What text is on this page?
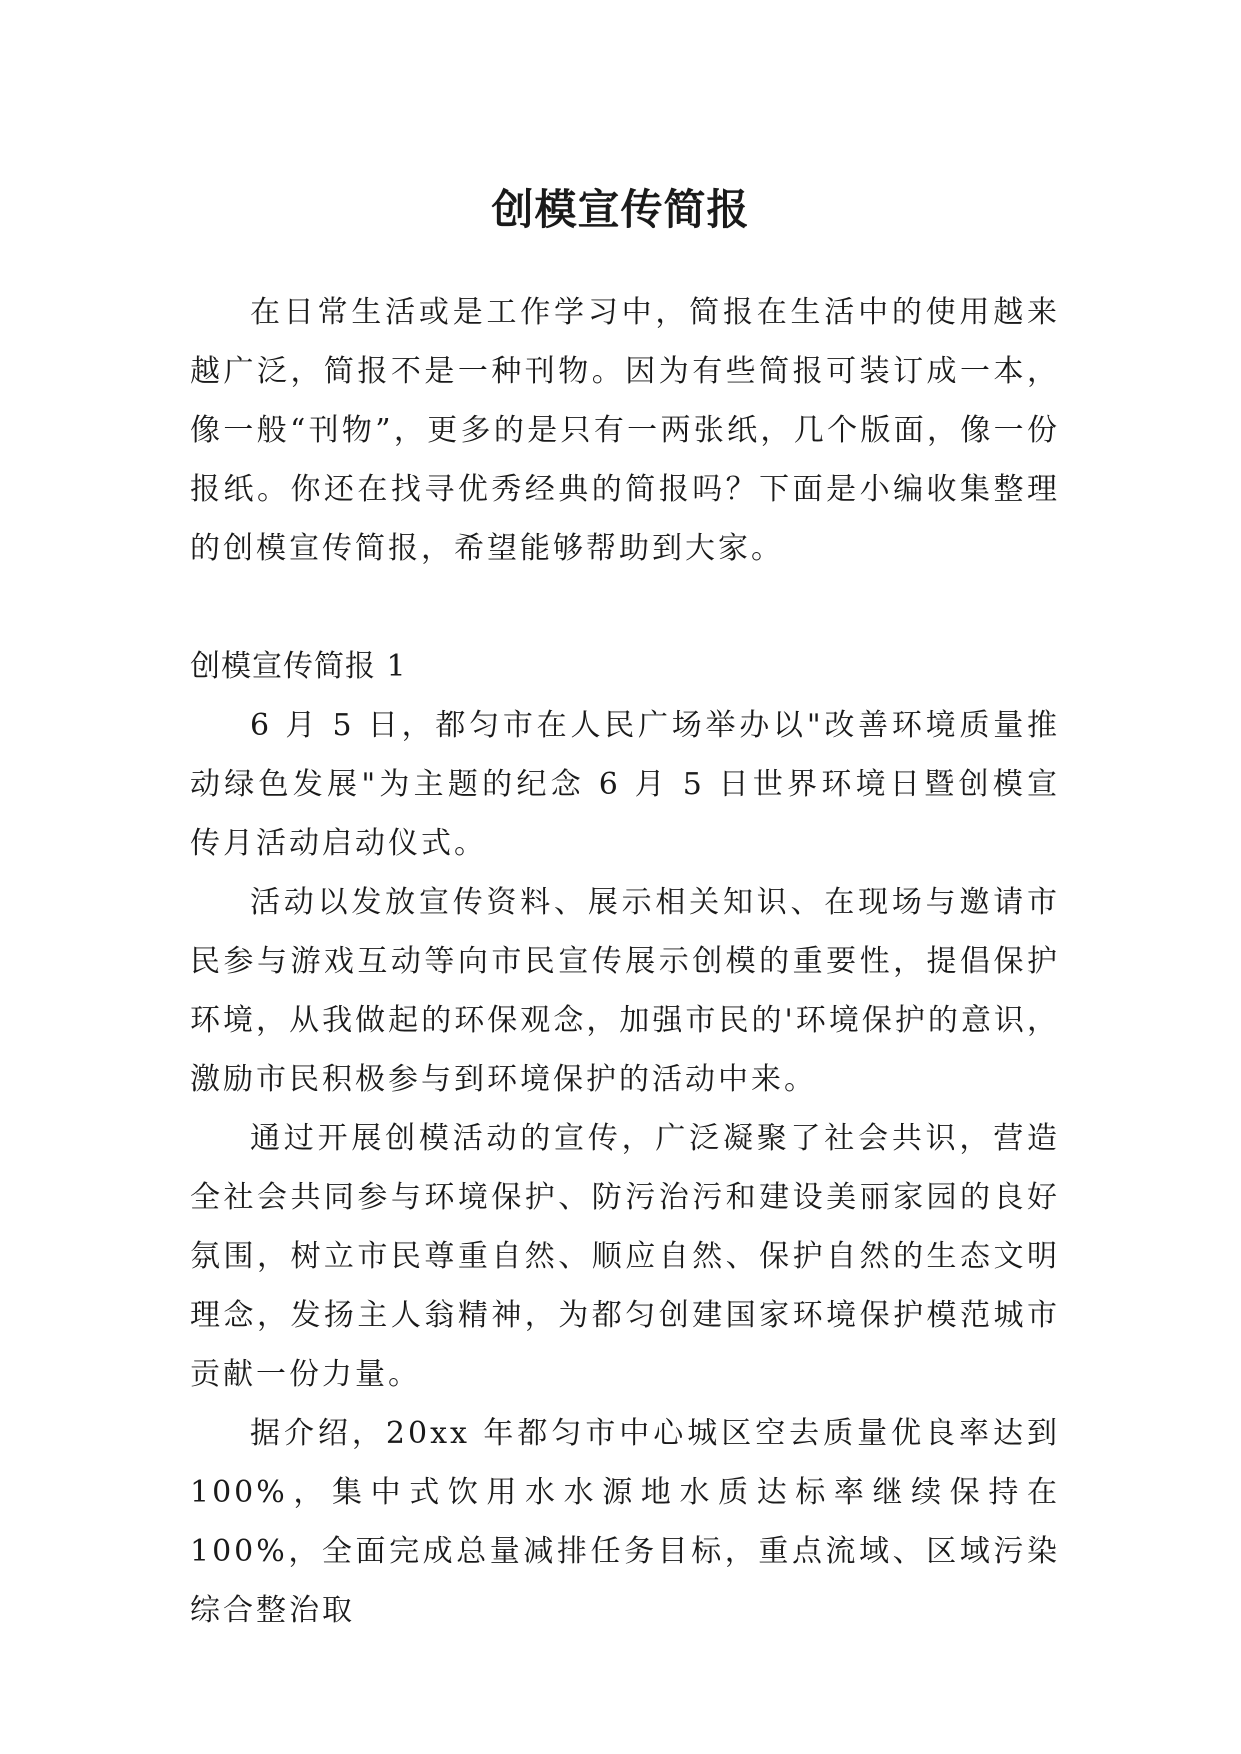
创模宣传简报

在日常生活或是工作学习中，简报在生活中的使用越来越广泛，简报不是一种刊物。因为有些简报可装订成一本，像一般“刊物”，更多的是只有一两张纸，几个版面，像一份报纸。你还在找寻优秀经典的简报吗？下面是小编收集整理的创模宣传简报，希望能够帮助到大家。

创模宣传简报 1

6 月 5 日，都匀市在人民广场举办以"改善环境质量推动绿色发展"为主题的纪念 6 月 5 日世界环境日暨创模宣传月活动启动仪式。

活动以发放宣传资料、展示相关知识、在现场与邀请市民参与游戏互动等向市民宣传展示创模的重要性，提倡保护环境，从我做起的环保观念，加强市民的'环境保护的意识，激励市民积极参与到环境保护的活动中来。

通过开展创模活动的宣传，广泛凝聚了社会共识，营造全社会共同参与环境保护、防污治污和建设美丽家园的良好氛围，树立市民尊重自然、顺应自然、保护自然的生态文明理念，发扬主人翁精神，为都匀创建国家环境保护模范城市贡献一份力量。

据介绍，20xx 年都匀市中心城区空去质量优良率达到 100%，集中式饮用水水源地水质达标率继续保持在 100%，全面完成总量减排任务目标，重点流域、区域污染综合整治取
